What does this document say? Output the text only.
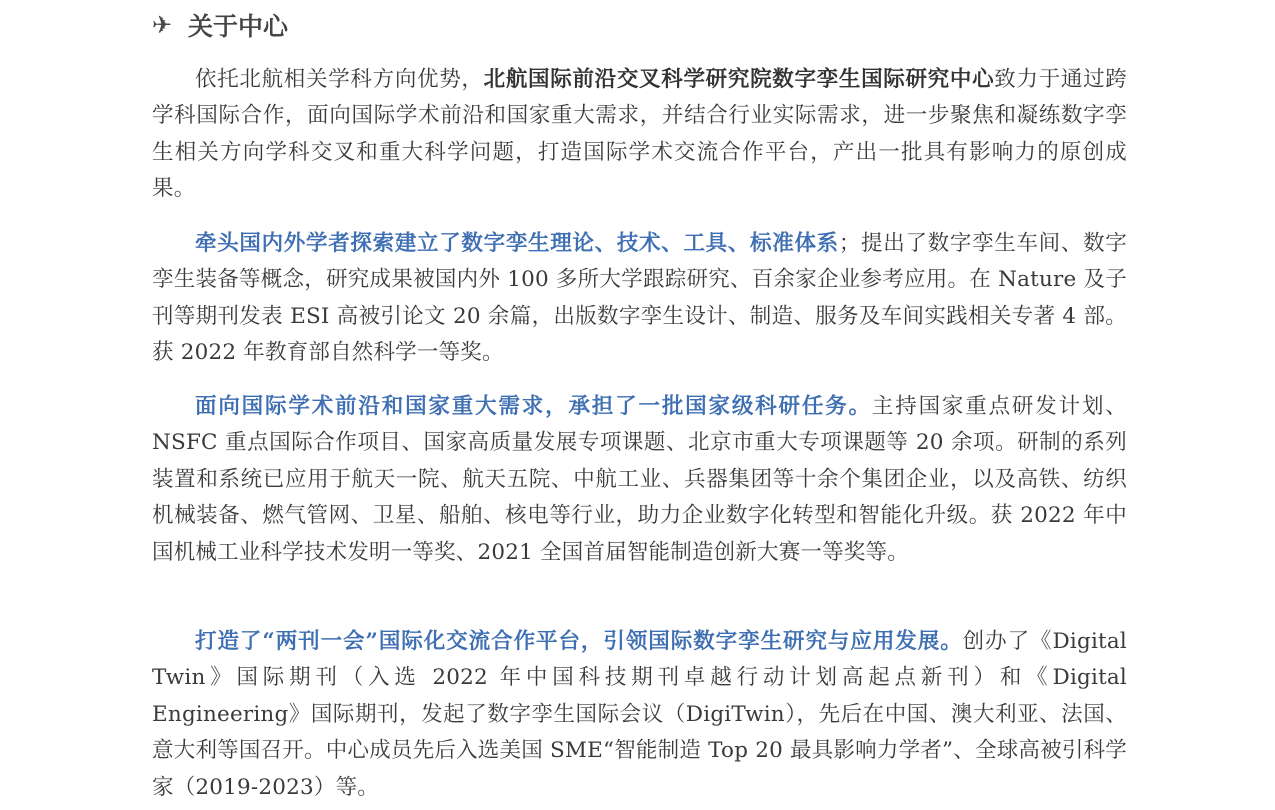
✈ 关于中心

依托北航相关学科方向优势，北航国际前沿交叉科学研究院数字孪生国际研究中心致力于通过跨学科国际合作，面向国际学术前沿和国家重大需求，并结合行业实际需求，进一步聚焦和凝练数字孪生相关方向学科交叉和重大科学问题，打造国际学术交流合作平台，产出一批具有影响力的原创成果。

牵头国内外学者探索建立了数字孪生理论、技术、工具、标准体系；提出了数字孪生车间、数字孪生装备等概念，研究成果被国内外 100 多所大学跟踪研究、百余家企业参考应用。在 Nature 及子刊等期刊发表 ESI 高被引论文 20 余篇，出版数字孪生设计、制造、服务及车间实践相关专著 4 部。获 2022 年教育部自然科学一等奖。

面向国际学术前沿和国家重大需求，承担了一批国家级科研任务。主持国家重点研发计划、NSFC 重点国际合作项目、国家高质量发展专项课题、北京市重大专项课题等 20 余项。研制的系列装置和系统已应用于航天一院、航天五院、中航工业、兵器集团等十余个集团企业，以及高铁、纺织机械装备、燃气管网、卫星、船舶、核电等行业，助力企业数字化转型和智能化升级。获 2022 年中国机械工业科学技术发明一等奖、2021 全国首届智能制造创新大赛一等奖等。

打造了“两刊一会”国际化交流合作平台，引领国际数字孪生研究与应用发展。创办了《Digital Twin》国际期刊（入选 2022 年中国科技期刊卓越行动计划高起点新刊）和《Digital Engineering》国际期刊，发起了数字孪生国际会议（DigiTwin），先后在中国、澳大利亚、法国、意大利等国召开。中心成员先后入选美国 SME“智能制造 Top 20 最具影响力学者”、全球高被引科学家（2019-2023）等。
